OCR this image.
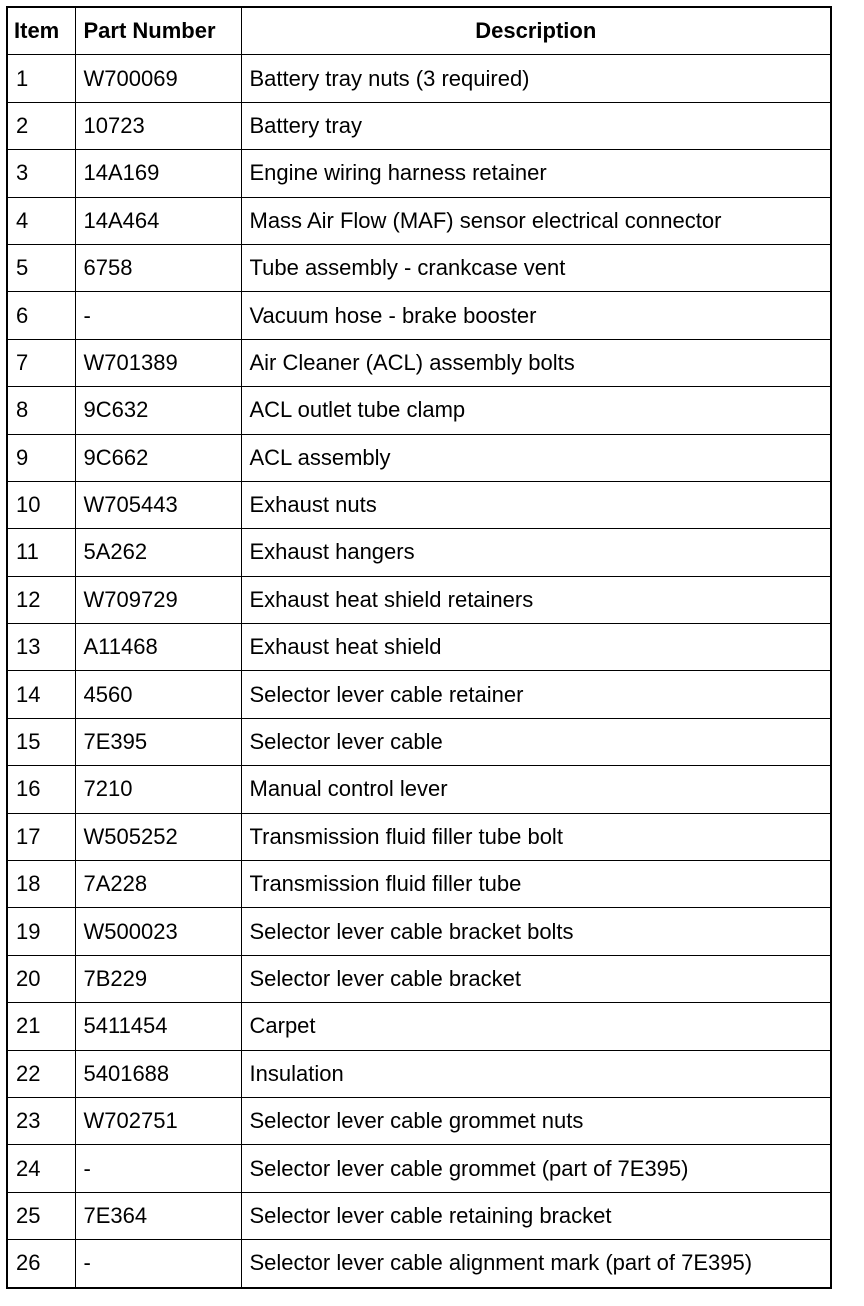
Item	Part Number	Description
1	W700069	Battery tray nuts (3 required)
2	10723	Battery tray
3	14A169	Engine wiring harness retainer
4	14A464	Mass Air Flow (MAF) sensor electrical connector
5	6758	Tube assembly - crankcase vent
6	-	Vacuum hose - brake booster
7	W701389	Air Cleaner (ACL) assembly bolts
8	9C632	ACL outlet tube clamp
9	9C662	ACL assembly
10	W705443	Exhaust nuts
11	5A262	Exhaust hangers
12	W709729	Exhaust heat shield retainers
13	A11468	Exhaust heat shield
14	4560	Selector lever cable retainer
15	7E395	Selector lever cable
16	7210	Manual control lever
17	W505252	Transmission fluid filler tube bolt
18	7A228	Transmission fluid filler tube
19	W500023	Selector lever cable bracket bolts
20	7B229	Selector lever cable bracket
21	5411454	Carpet
22	5401688	Insulation
23	W702751	Selector lever cable grommet nuts
24	-	Selector lever cable grommet (part of 7E395)
25	7E364	Selector lever cable retaining bracket
26	-	Selector lever cable alignment mark (part of 7E395)
